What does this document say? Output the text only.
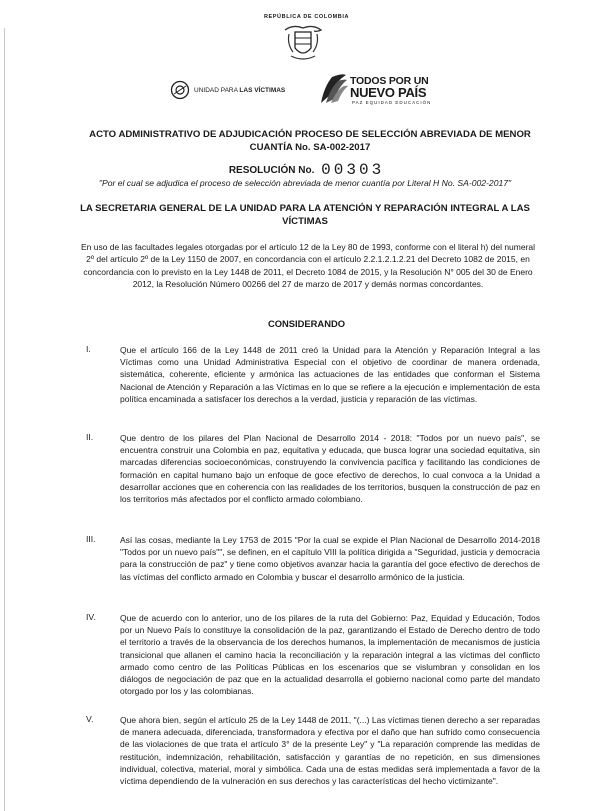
REPÚBLICA DE COLOMBIA
UNIDAD PARA LAS VÍCTIMAS
TODOS POR UN
NUEVO PAÍS
PAZ EQUIDAD EDUCACIÓN
ACTO ADMINISTRATIVO DE ADJUDICACIÓN PROCESO DE SELECCIÓN ABREVIADA DE MENOR CUANTÍA No. SA-002-2017
RESOLUCIÓN No. 00303
"Por el cual se adjudica el proceso de selección abreviada de menor cuantía por Literal H No. SA-002-2017"
LA SECRETARIA GENERAL DE LA UNIDAD PARA LA ATENCIÓN Y REPARACIÓN INTEGRAL A LAS VÍCTIMAS
En uso de las facultades legales otorgadas por el artículo 12 de la Ley 80 de 1993, conforme con el literal h) del numeral 2º del artículo 2º de la Ley 1150 de 2007, en concordancia con el artículo 2.2.1.2.1.2.21 del Decreto 1082 de 2015, en concordancia con lo previsto en la Ley 1448 de 2011, el Decreto 1084 de 2015, y la Resolución N° 005 del 30 de Enero 2012, la Resolución Número 00266 del 27 de marzo de 2017 y demás normas concordantes.
CONSIDERANDO
I.	Que el artículo 166 de la Ley 1448 de 2011 creó la Unidad para la Atención y Reparación Integral a las Víctimas como una Unidad Administrativa Especial con el objetivo de coordinar de manera ordenada, sistemática, coherente, eficiente y armónica las actuaciones de las entidades que conforman el Sistema Nacional de Atención y Reparación a las Víctimas en lo que se refiere a la ejecución e implementación de esta política encaminada a satisfacer los derechos a la verdad, justicia y reparación de las víctimas.
II.	Que dentro de los pilares del Plan Nacional de Desarrollo 2014 - 2018: "Todos por un nuevo país", se encuentra construir una Colombia en paz, equitativa y educada, que busca lograr una sociedad equitativa, sin marcadas diferencias socioeconómicas, construyendo la convivencia pacífica y facilitando las condiciones de formación en capital humano bajo un enfoque de goce efectivo de derechos, lo cual convoca a la Unidad a desarrollar acciones que en coherencia con las realidades de los territorios, busquen la construcción de paz en los territorios más afectados por el conflicto armado colombiano.
III.	Así las cosas, mediante la Ley 1753 de 2015 "Por la cual se expide el Plan Nacional de Desarrollo 2014-2018 "Todos por un nuevo país"", se definen, en el capítulo VIII la política dirigida a "Seguridad, justicia y democracia para la construcción de paz" y tiene como objetivos avanzar hacia la garantía del goce efectivo de derechos de las víctimas del conflicto armado en Colombia y buscar el desarrollo armónico de la justicia.
IV.	Que de acuerdo con lo anterior, uno de los pilares de la ruta del Gobierno: Paz, Equidad y Educación, Todos por un Nuevo País lo constituye la consolidación de la paz, garantizando el Estado de Derecho dentro de todo el territorio a través de la observancia de los derechos humanos, la implementación de mecanismos de justicia transicional que allanen el camino hacia la reconciliación y la reparación integral a las víctimas del conflicto armado como centro de las Políticas Públicas en los escenarios que se vislumbran y consolidan en los diálogos de negociación de paz que en la actualidad desarrolla el gobierno nacional como parte del mandato otorgado por los y las colombianas.
V.	Que ahora bien, según el artículo 25 de la Ley 1448 de 2011, "(...) Las víctimas tienen derecho a ser reparadas de manera adecuada, diferenciada, transformadora y efectiva por el daño que han sufrido como consecuencia de las violaciones de que trata el artículo 3° de la presente Ley" y "La reparación comprende las medidas de restitución, indemnización, rehabilitación, satisfacción y garantías de no repetición, en sus dimensiones individual, colectiva, material, moral y simbólica. Cada una de estas medidas será implementada a favor de la víctima dependiendo de la vulneración en sus derechos y las características del hecho victimizante".
